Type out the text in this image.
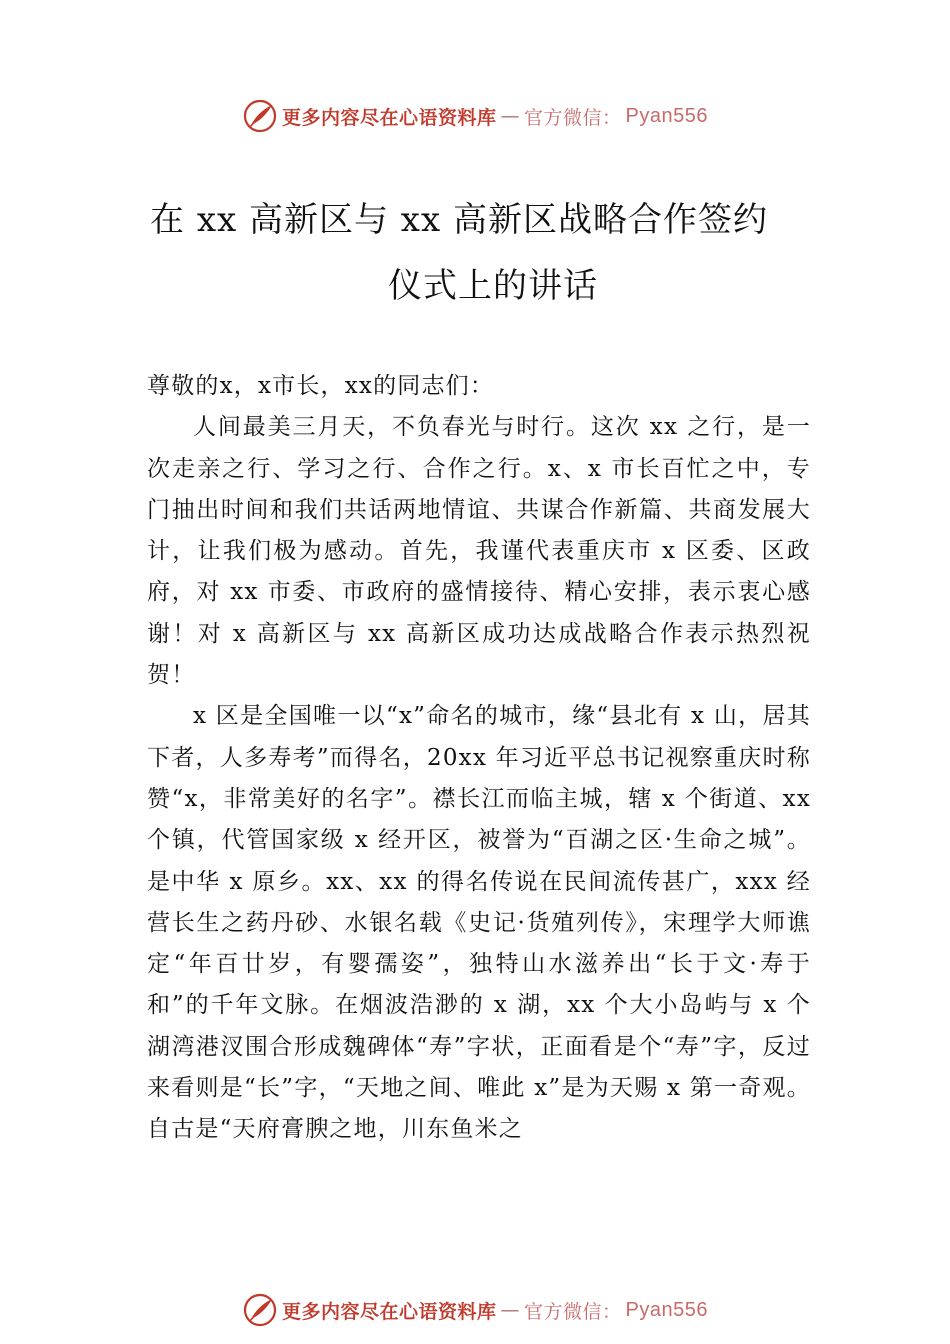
更多内容尽在心语资料库 — 官方微信： Pyan556
在 xx 高新区与 xx 高新区战略合作签约
仪式上的讲话

尊敬的x，x市长，xx的同志们：

人间最美三月天，不负春光与时行。这次 xx 之行，是一次走亲之行、学习之行、合作之行。x、x 市长百忙之中，专门抽出时间和我们共话两地情谊、共谋合作新篇、共商发展大计，让我们极为感动。首先，我谨代表重庆市 x 区委、区政府，对 xx 市委、市政府的盛情接待、精心安排，表示衷心感谢！对 x 高新区与 xx 高新区成功达成战略合作表示热烈祝贺！

x 区是全国唯一以“x”命名的城市，缘“县北有 x 山，居其下者，人多寿考”而得名，20xx 年习近平总书记视察重庆时称赞“x，非常美好的名字”。襟长江而临主城，辖 x 个街道、xx 个镇，代管国家级 x 经开区，被誉为“百湖之区·生命之城”。是中华 x 原乡。xx、xx 的得名传说在民间流传甚广，xxx 经营长生之药丹砂、水银名载《史记·货殖列传》，宋理学大师谯定“年百廿岁，有婴孺姿”，独特山水滋养出“长于文·寿于和”的千年文脉。在烟波浩渺的 x 湖，xx 个大小岛屿与 x 个湖湾港汊围合形成魏碑体“寿”字状，正面看是个“寿”字，反过来看则是“长”字，“天地之间、唯此 x”是为天赐 x 第一奇观。自古是“天府膏腴之地，川东鱼米之

更多内容尽在心语资料库 — 官方微信： Pyan556
